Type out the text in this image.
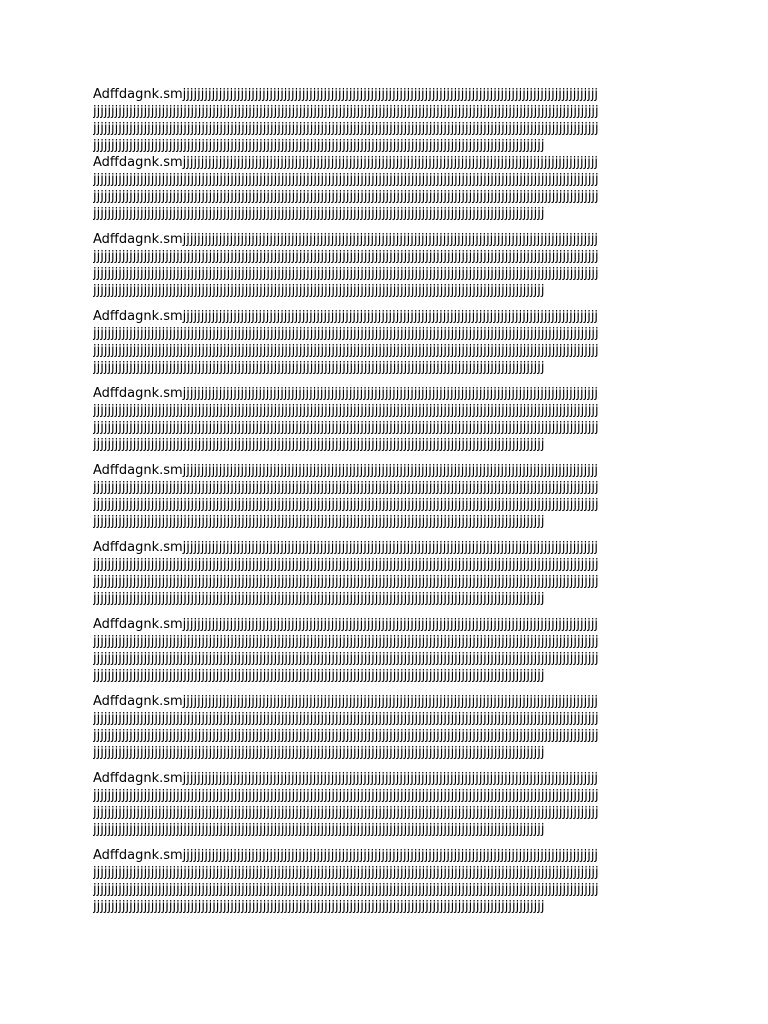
Adffdagnk.smjjjjjjjjjjjjjjjjjjjjjjjjjjjjjjjjjjjjjjjjjjjjjjjjjjjjjjjjjjjjjjjjjjjjjjjjjjjjjjjjjjjjjjjjjjjjjjjjjjjjjjjjjjjjjjjjjjj
jjjjjjjjjjjjjjjjjjjjjjjjjjjjjjjjjjjjjjjjjjjjjjjjjjjjjjjjjjjjjjjjjjjjjjjjjjjjjjjjjjjjjjjjjjjjjjjjjjjjjjjjjjjjjjjjjjjjjjjjjjjjjjjjjjjjjjjjjjjj
jjjjjjjjjjjjjjjjjjjjjjjjjjjjjjjjjjjjjjjjjjjjjjjjjjjjjjjjjjjjjjjjjjjjjjjjjjjjjjjjjjjjjjjjjjjjjjjjjjjjjjjjjjjjjjjjjjjjjjjjjjjjjjjjjjjjjjjjjjjj
jjjjjjjjjjjjjjjjjjjjjjjjjjjjjjjjjjjjjjjjjjjjjjjjjjjjjjjjjjjjjjjjjjjjjjjjjjjjjjjjjjjjjjjjjjjjjjjjjjjjjjjjjjjjjjjjjjjjjjjjjjjjj

Adffdagnk.smjjjjjjjjjjjjjjjjjjjjjjjjjjjjjjjjjjjjjjjjjjjjjjjjjjjjjjjjjjjjjjjjjjjjjjjjjjjjjjjjjjjjjjjjjjjjjjjjjjjjjjjjjjjjjjjjjjj
jjjjjjjjjjjjjjjjjjjjjjjjjjjjjjjjjjjjjjjjjjjjjjjjjjjjjjjjjjjjjjjjjjjjjjjjjjjjjjjjjjjjjjjjjjjjjjjjjjjjjjjjjjjjjjjjjjjjjjjjjjjjjjjjjjjjjjjjjjjj
jjjjjjjjjjjjjjjjjjjjjjjjjjjjjjjjjjjjjjjjjjjjjjjjjjjjjjjjjjjjjjjjjjjjjjjjjjjjjjjjjjjjjjjjjjjjjjjjjjjjjjjjjjjjjjjjjjjjjjjjjjjjjjjjjjjjjjjjjjjj
jjjjjjjjjjjjjjjjjjjjjjjjjjjjjjjjjjjjjjjjjjjjjjjjjjjjjjjjjjjjjjjjjjjjjjjjjjjjjjjjjjjjjjjjjjjjjjjjjjjjjjjjjjjjjjjjjjjjjjjjjjjjj

Adffdagnk.smjjjjjjjjjjjjjjjjjjjjjjjjjjjjjjjjjjjjjjjjjjjjjjjjjjjjjjjjjjjjjjjjjjjjjjjjjjjjjjjjjjjjjjjjjjjjjjjjjjjjjjjjjjjjjjjjjjj
jjjjjjjjjjjjjjjjjjjjjjjjjjjjjjjjjjjjjjjjjjjjjjjjjjjjjjjjjjjjjjjjjjjjjjjjjjjjjjjjjjjjjjjjjjjjjjjjjjjjjjjjjjjjjjjjjjjjjjjjjjjjjjjjjjjjjjjjjjjj
jjjjjjjjjjjjjjjjjjjjjjjjjjjjjjjjjjjjjjjjjjjjjjjjjjjjjjjjjjjjjjjjjjjjjjjjjjjjjjjjjjjjjjjjjjjjjjjjjjjjjjjjjjjjjjjjjjjjjjjjjjjjjjjjjjjjjjjjjjjj
jjjjjjjjjjjjjjjjjjjjjjjjjjjjjjjjjjjjjjjjjjjjjjjjjjjjjjjjjjjjjjjjjjjjjjjjjjjjjjjjjjjjjjjjjjjjjjjjjjjjjjjjjjjjjjjjjjjjjjjjjjjjj

Adffdagnk.smjjjjjjjjjjjjjjjjjjjjjjjjjjjjjjjjjjjjjjjjjjjjjjjjjjjjjjjjjjjjjjjjjjjjjjjjjjjjjjjjjjjjjjjjjjjjjjjjjjjjjjjjjjjjjjjjjjj
jjjjjjjjjjjjjjjjjjjjjjjjjjjjjjjjjjjjjjjjjjjjjjjjjjjjjjjjjjjjjjjjjjjjjjjjjjjjjjjjjjjjjjjjjjjjjjjjjjjjjjjjjjjjjjjjjjjjjjjjjjjjjjjjjjjjjjjjjjjj
jjjjjjjjjjjjjjjjjjjjjjjjjjjjjjjjjjjjjjjjjjjjjjjjjjjjjjjjjjjjjjjjjjjjjjjjjjjjjjjjjjjjjjjjjjjjjjjjjjjjjjjjjjjjjjjjjjjjjjjjjjjjjjjjjjjjjjjjjjjj
jjjjjjjjjjjjjjjjjjjjjjjjjjjjjjjjjjjjjjjjjjjjjjjjjjjjjjjjjjjjjjjjjjjjjjjjjjjjjjjjjjjjjjjjjjjjjjjjjjjjjjjjjjjjjjjjjjjjjjjjjjjjj

Adffdagnk.smjjjjjjjjjjjjjjjjjjjjjjjjjjjjjjjjjjjjjjjjjjjjjjjjjjjjjjjjjjjjjjjjjjjjjjjjjjjjjjjjjjjjjjjjjjjjjjjjjjjjjjjjjjjjjjjjjjj
jjjjjjjjjjjjjjjjjjjjjjjjjjjjjjjjjjjjjjjjjjjjjjjjjjjjjjjjjjjjjjjjjjjjjjjjjjjjjjjjjjjjjjjjjjjjjjjjjjjjjjjjjjjjjjjjjjjjjjjjjjjjjjjjjjjjjjjjjjjj
jjjjjjjjjjjjjjjjjjjjjjjjjjjjjjjjjjjjjjjjjjjjjjjjjjjjjjjjjjjjjjjjjjjjjjjjjjjjjjjjjjjjjjjjjjjjjjjjjjjjjjjjjjjjjjjjjjjjjjjjjjjjjjjjjjjjjjjjjjjj
jjjjjjjjjjjjjjjjjjjjjjjjjjjjjjjjjjjjjjjjjjjjjjjjjjjjjjjjjjjjjjjjjjjjjjjjjjjjjjjjjjjjjjjjjjjjjjjjjjjjjjjjjjjjjjjjjjjjjjjjjjjjj

Adffdagnk.smjjjjjjjjjjjjjjjjjjjjjjjjjjjjjjjjjjjjjjjjjjjjjjjjjjjjjjjjjjjjjjjjjjjjjjjjjjjjjjjjjjjjjjjjjjjjjjjjjjjjjjjjjjjjjjjjjjj
jjjjjjjjjjjjjjjjjjjjjjjjjjjjjjjjjjjjjjjjjjjjjjjjjjjjjjjjjjjjjjjjjjjjjjjjjjjjjjjjjjjjjjjjjjjjjjjjjjjjjjjjjjjjjjjjjjjjjjjjjjjjjjjjjjjjjjjjjjjj
jjjjjjjjjjjjjjjjjjjjjjjjjjjjjjjjjjjjjjjjjjjjjjjjjjjjjjjjjjjjjjjjjjjjjjjjjjjjjjjjjjjjjjjjjjjjjjjjjjjjjjjjjjjjjjjjjjjjjjjjjjjjjjjjjjjjjjjjjjjj
jjjjjjjjjjjjjjjjjjjjjjjjjjjjjjjjjjjjjjjjjjjjjjjjjjjjjjjjjjjjjjjjjjjjjjjjjjjjjjjjjjjjjjjjjjjjjjjjjjjjjjjjjjjjjjjjjjjjjjjjjjjjj

Adffdagnk.smjjjjjjjjjjjjjjjjjjjjjjjjjjjjjjjjjjjjjjjjjjjjjjjjjjjjjjjjjjjjjjjjjjjjjjjjjjjjjjjjjjjjjjjjjjjjjjjjjjjjjjjjjjjjjjjjjjj
jjjjjjjjjjjjjjjjjjjjjjjjjjjjjjjjjjjjjjjjjjjjjjjjjjjjjjjjjjjjjjjjjjjjjjjjjjjjjjjjjjjjjjjjjjjjjjjjjjjjjjjjjjjjjjjjjjjjjjjjjjjjjjjjjjjjjjjjjjjj
jjjjjjjjjjjjjjjjjjjjjjjjjjjjjjjjjjjjjjjjjjjjjjjjjjjjjjjjjjjjjjjjjjjjjjjjjjjjjjjjjjjjjjjjjjjjjjjjjjjjjjjjjjjjjjjjjjjjjjjjjjjjjjjjjjjjjjjjjjjj
jjjjjjjjjjjjjjjjjjjjjjjjjjjjjjjjjjjjjjjjjjjjjjjjjjjjjjjjjjjjjjjjjjjjjjjjjjjjjjjjjjjjjjjjjjjjjjjjjjjjjjjjjjjjjjjjjjjjjjjjjjjjj

Adffdagnk.smjjjjjjjjjjjjjjjjjjjjjjjjjjjjjjjjjjjjjjjjjjjjjjjjjjjjjjjjjjjjjjjjjjjjjjjjjjjjjjjjjjjjjjjjjjjjjjjjjjjjjjjjjjjjjjjjjjj
jjjjjjjjjjjjjjjjjjjjjjjjjjjjjjjjjjjjjjjjjjjjjjjjjjjjjjjjjjjjjjjjjjjjjjjjjjjjjjjjjjjjjjjjjjjjjjjjjjjjjjjjjjjjjjjjjjjjjjjjjjjjjjjjjjjjjjjjjjjj
jjjjjjjjjjjjjjjjjjjjjjjjjjjjjjjjjjjjjjjjjjjjjjjjjjjjjjjjjjjjjjjjjjjjjjjjjjjjjjjjjjjjjjjjjjjjjjjjjjjjjjjjjjjjjjjjjjjjjjjjjjjjjjjjjjjjjjjjjjjj
jjjjjjjjjjjjjjjjjjjjjjjjjjjjjjjjjjjjjjjjjjjjjjjjjjjjjjjjjjjjjjjjjjjjjjjjjjjjjjjjjjjjjjjjjjjjjjjjjjjjjjjjjjjjjjjjjjjjjjjjjjjjj

Adffdagnk.smjjjjjjjjjjjjjjjjjjjjjjjjjjjjjjjjjjjjjjjjjjjjjjjjjjjjjjjjjjjjjjjjjjjjjjjjjjjjjjjjjjjjjjjjjjjjjjjjjjjjjjjjjjjjjjjjjjj
jjjjjjjjjjjjjjjjjjjjjjjjjjjjjjjjjjjjjjjjjjjjjjjjjjjjjjjjjjjjjjjjjjjjjjjjjjjjjjjjjjjjjjjjjjjjjjjjjjjjjjjjjjjjjjjjjjjjjjjjjjjjjjjjjjjjjjjjjjjj
jjjjjjjjjjjjjjjjjjjjjjjjjjjjjjjjjjjjjjjjjjjjjjjjjjjjjjjjjjjjjjjjjjjjjjjjjjjjjjjjjjjjjjjjjjjjjjjjjjjjjjjjjjjjjjjjjjjjjjjjjjjjjjjjjjjjjjjjjjjj
jjjjjjjjjjjjjjjjjjjjjjjjjjjjjjjjjjjjjjjjjjjjjjjjjjjjjjjjjjjjjjjjjjjjjjjjjjjjjjjjjjjjjjjjjjjjjjjjjjjjjjjjjjjjjjjjjjjjjjjjjjjjj

Adffdagnk.smjjjjjjjjjjjjjjjjjjjjjjjjjjjjjjjjjjjjjjjjjjjjjjjjjjjjjjjjjjjjjjjjjjjjjjjjjjjjjjjjjjjjjjjjjjjjjjjjjjjjjjjjjjjjjjjjjjj
jjjjjjjjjjjjjjjjjjjjjjjjjjjjjjjjjjjjjjjjjjjjjjjjjjjjjjjjjjjjjjjjjjjjjjjjjjjjjjjjjjjjjjjjjjjjjjjjjjjjjjjjjjjjjjjjjjjjjjjjjjjjjjjjjjjjjjjjjjjj
jjjjjjjjjjjjjjjjjjjjjjjjjjjjjjjjjjjjjjjjjjjjjjjjjjjjjjjjjjjjjjjjjjjjjjjjjjjjjjjjjjjjjjjjjjjjjjjjjjjjjjjjjjjjjjjjjjjjjjjjjjjjjjjjjjjjjjjjjjjj
jjjjjjjjjjjjjjjjjjjjjjjjjjjjjjjjjjjjjjjjjjjjjjjjjjjjjjjjjjjjjjjjjjjjjjjjjjjjjjjjjjjjjjjjjjjjjjjjjjjjjjjjjjjjjjjjjjjjjjjjjjjjj

Adffdagnk.smjjjjjjjjjjjjjjjjjjjjjjjjjjjjjjjjjjjjjjjjjjjjjjjjjjjjjjjjjjjjjjjjjjjjjjjjjjjjjjjjjjjjjjjjjjjjjjjjjjjjjjjjjjjjjjjjjjj
jjjjjjjjjjjjjjjjjjjjjjjjjjjjjjjjjjjjjjjjjjjjjjjjjjjjjjjjjjjjjjjjjjjjjjjjjjjjjjjjjjjjjjjjjjjjjjjjjjjjjjjjjjjjjjjjjjjjjjjjjjjjjjjjjjjjjjjjjjjj
jjjjjjjjjjjjjjjjjjjjjjjjjjjjjjjjjjjjjjjjjjjjjjjjjjjjjjjjjjjjjjjjjjjjjjjjjjjjjjjjjjjjjjjjjjjjjjjjjjjjjjjjjjjjjjjjjjjjjjjjjjjjjjjjjjjjjjjjjjjj
jjjjjjjjjjjjjjjjjjjjjjjjjjjjjjjjjjjjjjjjjjjjjjjjjjjjjjjjjjjjjjjjjjjjjjjjjjjjjjjjjjjjjjjjjjjjjjjjjjjjjjjjjjjjjjjjjjjjjjjjjjjjj
